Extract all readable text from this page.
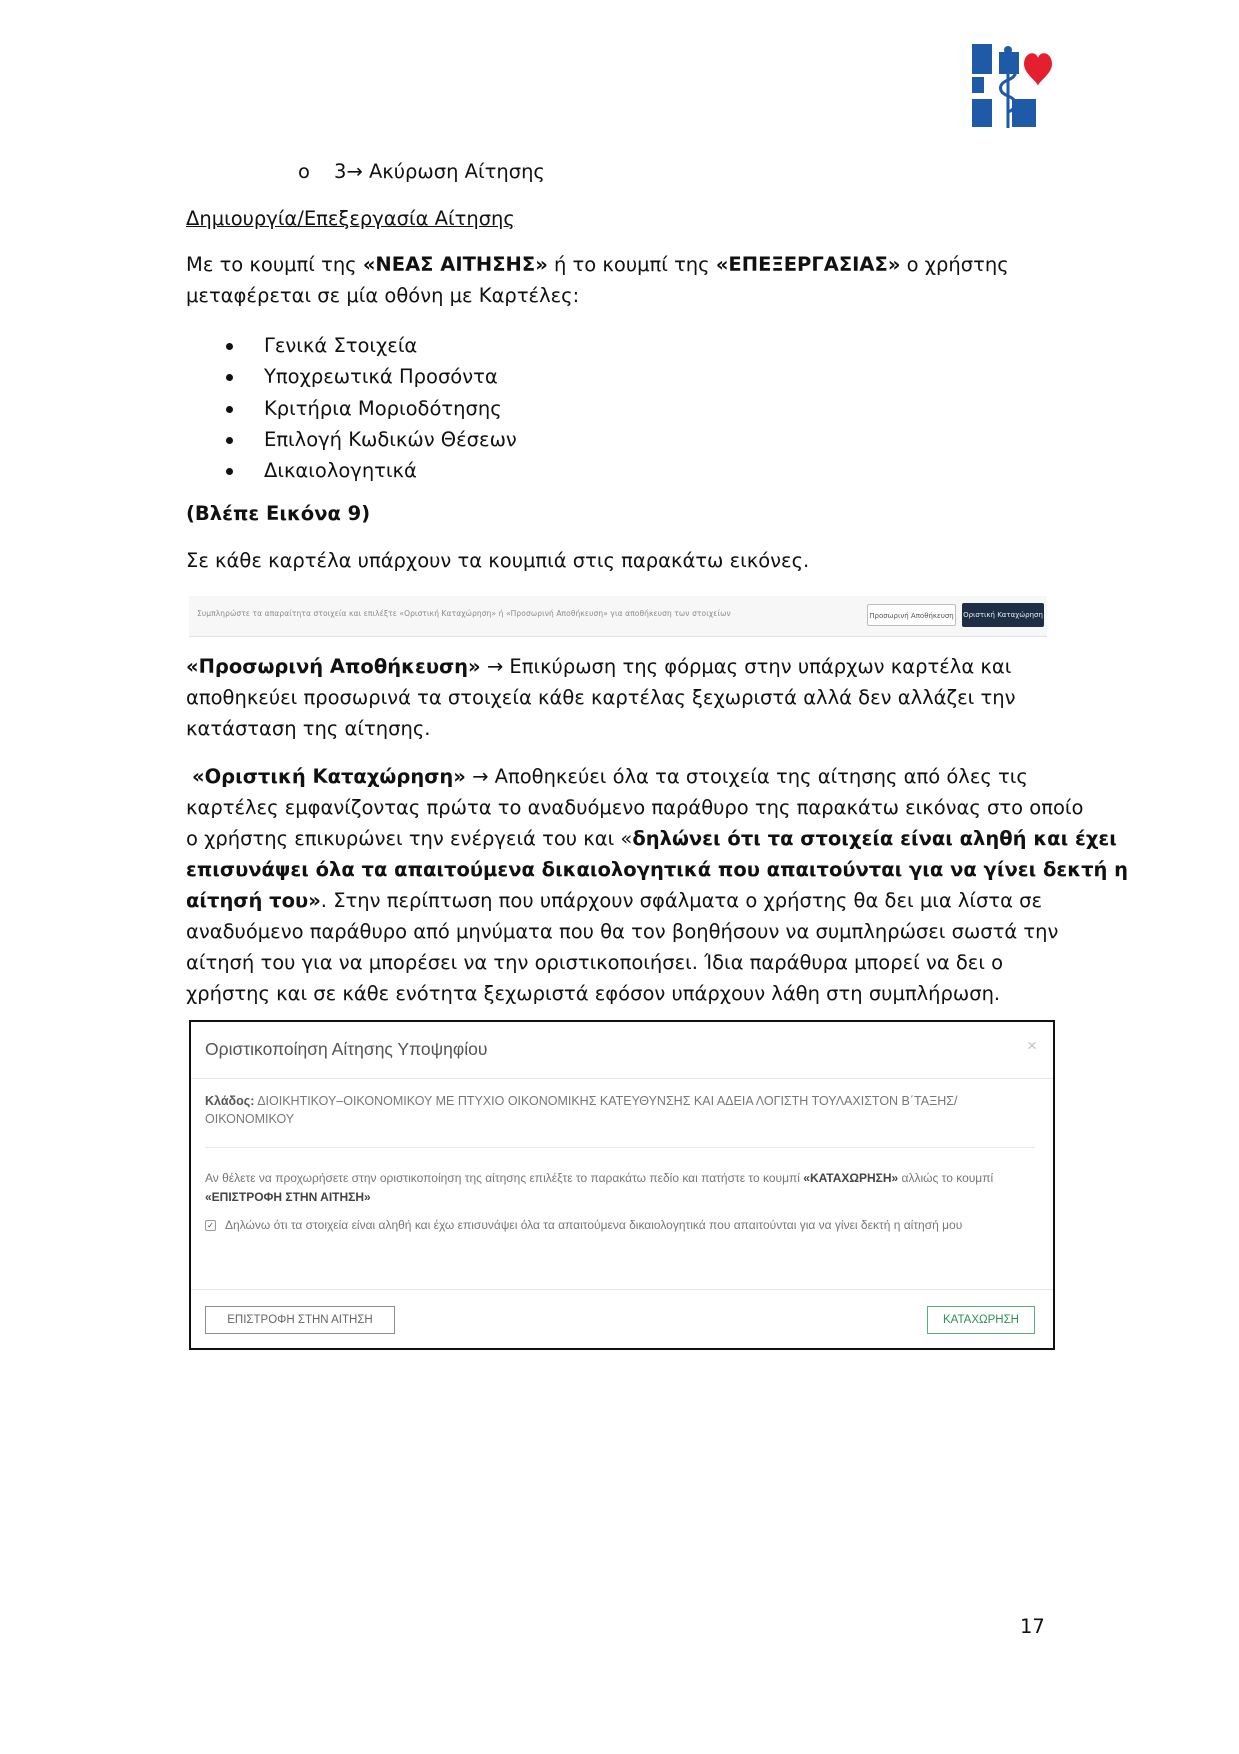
o 3→ Ακύρωση Αίτησης
Δημιουργία/Επεξεργασία Αίτησης
Με το κουμπί της «ΝΕΑΣ ΑΙΤΗΣΗΣ» ή το κουμπί της «ΕΠΕΞΕΡΓΑΣΙΑΣ» ο χρήστης
μεταφέρεται σε μία οθόνη με Καρτέλες:
Γενικά Στοιχεία
Υποχρεωτικά Προσόντα
Κριτήρια Μοριοδότησης
Επιλογή Κωδικών Θέσεων
Δικαιολογητικά
(Βλέπε Εικόνα 9)
Σε κάθε καρτέλα υπάρχουν τα κουμπιά στις παρακάτω εικόνες.
Συμπληρώστε τα απαραίτητα στοιχεία και επιλέξτε «Οριστική Καταχώρηση» ή «Προσωρινή Αποθήκευση» για αποθήκευση των στοιχείων	Προσωρινή Αποθήκευση	Οριστική Καταχώρηση
«Προσωρινή Αποθήκευση» → Επικύρωση της φόρμας στην υπάρχων καρτέλα και
αποθηκεύει προσωρινά τα στοιχεία κάθε καρτέλας ξεχωριστά αλλά δεν αλλάζει την
κατάσταση της αίτησης.
«Οριστική Καταχώρηση» → Αποθηκεύει όλα τα στοιχεία της αίτησης από όλες τις
καρτέλες εμφανίζοντας πρώτα το αναδυόμενο παράθυρο της παρακάτω εικόνας στο οποίο
ο χρήστης επικυρώνει την ενέργειά του και «δηλώνει ότι τα στοιχεία είναι αληθή και έχει
επισυνάψει όλα τα απαιτούμενα δικαιολογητικά που απαιτούνται για να γίνει δεκτή η
αίτησή του». Στην περίπτωση που υπάρχουν σφάλματα ο χρήστης θα δει μια λίστα σε
αναδυόμενο παράθυρο από μηνύματα που θα τον βοηθήσουν να συμπληρώσει σωστά την
αίτησή του για να μπορέσει να την οριστικοποιήσει. Ίδια παράθυρα μπορεί να δει ο
χρήστης και σε κάθε ενότητα ξεχωριστά εφόσον υπάρχουν λάθη στη συμπλήρωση.
Οριστικοποίηση Αίτησης Υποψηφίου	×
Κλάδος: ΔΙΟΙΚΗΤΙΚΟΥ–ΟΙΚΟΝΟΜΙΚΟΥ ΜΕ ΠΤΥΧΙΟ ΟΙΚΟΝΟΜΙΚΗΣ ΚΑΤΕΥΘΥΝΣΗΣ ΚΑΙ ΑΔΕΙΑ ΛΟΓΙΣΤΗ ΤΟΥΛΑΧΙΣΤΟΝ Β΄ΤΑΞΗΣ/ ΟΙΚΟΝΟΜΙΚΟΥ
Αν θέλετε να προχωρήσετε στην οριστικοποίηση της αίτησης επιλέξτε το παρακάτω πεδίο και πατήστε το κουμπί «ΚΑΤΑΧΩΡΗΣΗ» αλλιώς το κουμπί «ΕΠΙΣΤΡΟΦΗ ΣΤΗΝ ΑΙΤΗΣΗ»
✓ Δηλώνω ότι τα στοιχεία είναι αληθή και έχω επισυνάψει όλα τα απαιτούμενα δικαιολογητικά που απαιτούνται για να γίνει δεκτή η αίτησή μου
ΕΠΙΣΤΡΟΦΗ ΣΤΗΝ ΑΙΤΗΣΗ	ΚΑΤΑΧΩΡΗΣΗ
17
